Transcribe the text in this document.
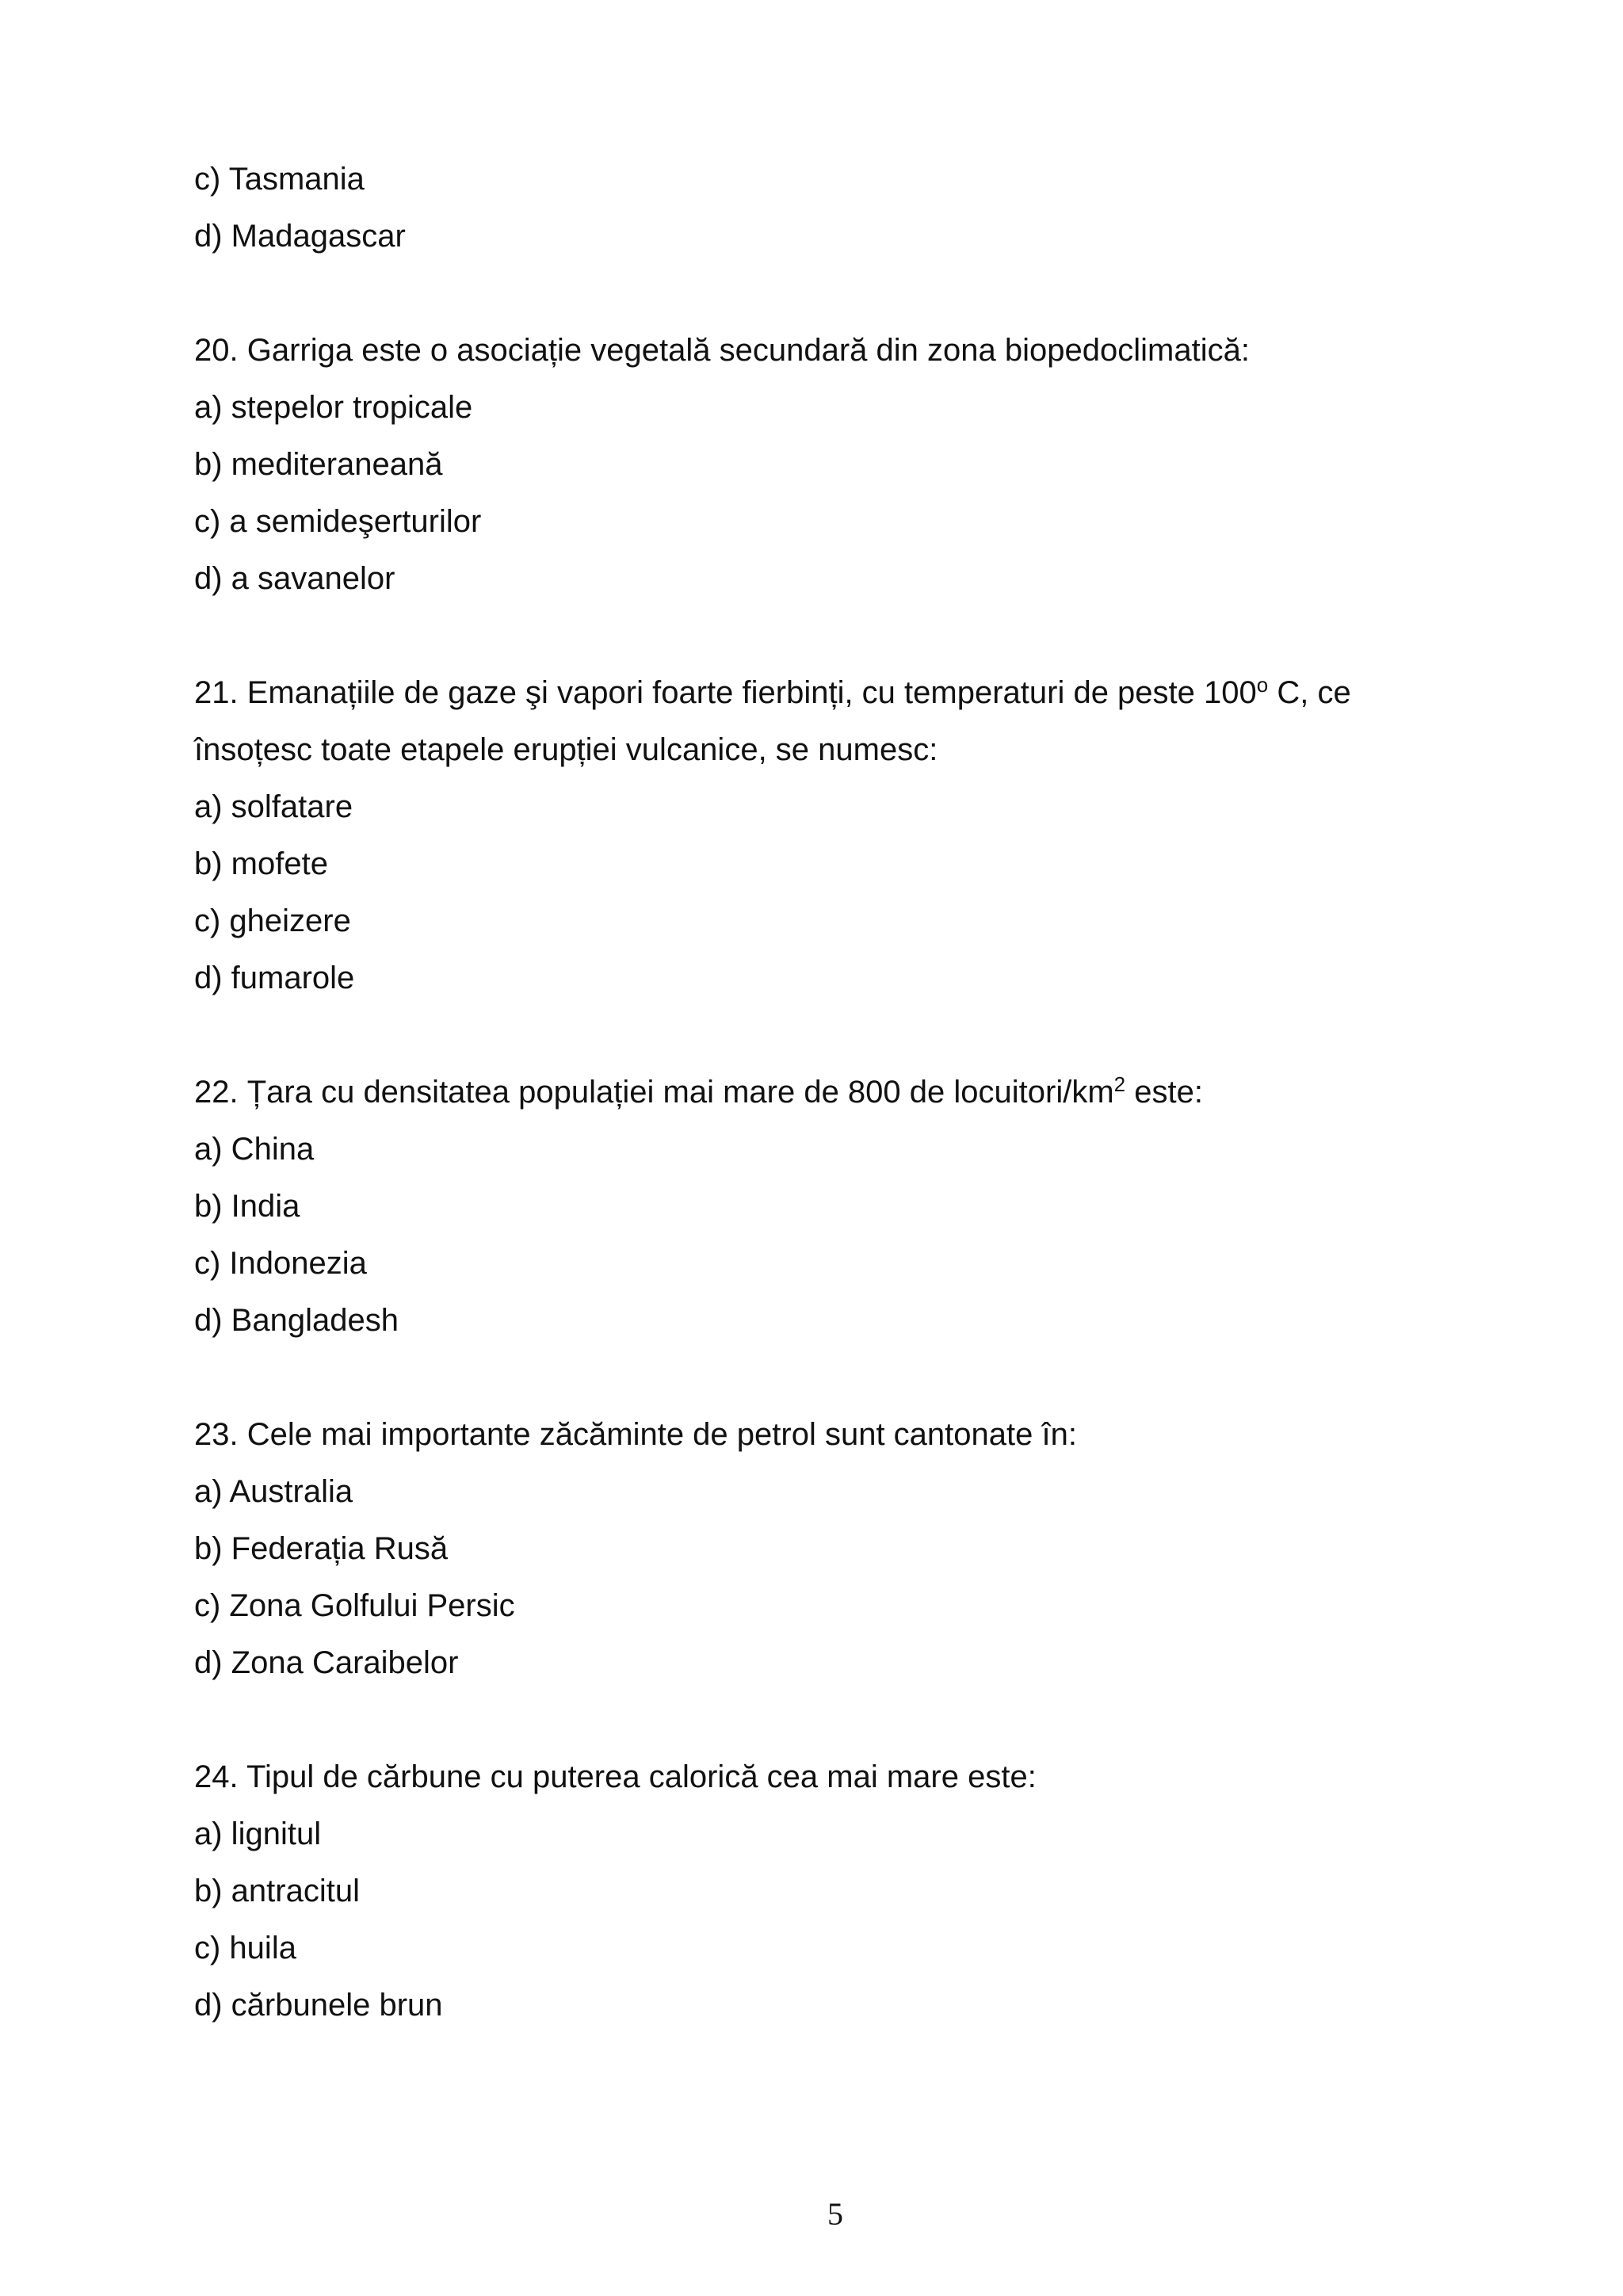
c) Tasmania
d) Madagascar
20. Garriga este o asociație vegetală secundară din zona biopedoclimatică:
a) stepelor tropicale
b) mediteraneană
c) a semideşerturilor
d) a savanelor
21. Emanațiile de gaze şi vapori foarte fierbinți, cu temperaturi de peste 100$^o$ C, ce
însoțesc toate etapele erupției vulcanice, se numesc:
a) solfatare
b) mofete
c) gheizere
d) fumarole
22. Țara cu densitatea populației mai mare de 800 de locuitori/$km^2$ este:
a) China
b) India
c) Indonezia
d) Bangladesh
23. Cele mai importante zăcăminte de petrol sunt cantonate în:
a) Australia
b) Federația Rusă
c) Zona Golfului Persic
d) Zona Caraibelor
24. Tipul de cărbune cu puterea calorică cea mai mare este:
a) lignitul
b) antracitul
c) huila
d) cărbunele brun
5
